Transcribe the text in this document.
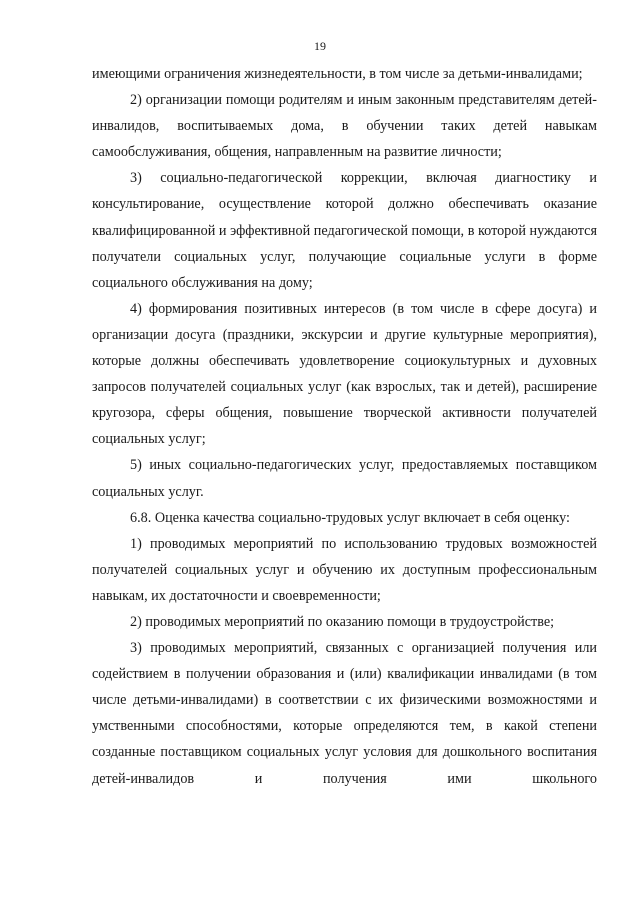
19

имеющими ограничения жизнедеятельности, в том числе за детьми-инвалидами;

2) организации помощи родителям и иным законным представителям детей-инвалидов, воспитываемых дома, в обучении таких детей навыкам самообслуживания, общения, направленным на развитие личности;

3) социально-педагогической коррекции, включая диагностику и консультирование, осуществление которой должно обеспечивать оказание квалифицированной и эффективной педагогической помощи, в которой нуждаются получатели социальных услуг, получающие социальные услуги в форме социального обслуживания на дому;

4) формирования позитивных интересов (в том числе в сфере досуга) и организации досуга (праздники, экскурсии и другие культурные мероприятия), которые должны обеспечивать удовлетворение социокультурных и духовных запросов получателей социальных услуг (как взрослых, так и детей), расширение кругозора, сферы общения, повышение творческой активности получателей социальных услуг;

5) иных социально-педагогических услуг, предоставляемых поставщиком социальных услуг.

6.8. Оценка качества социально-трудовых услуг включает в себя оценку:

1) проводимых мероприятий по использованию трудовых возможностей получателей социальных услуг и обучению их доступным профессиональным навыкам, их достаточности и своевременности;

2) проводимых мероприятий по оказанию помощи в трудоустройстве;

3) проводимых мероприятий, связанных с организацией получения или содействием в получении образования и (или) квалификации инвалидами (в том числе детьми-инвалидами) в соответствии с их физическими возможностями и умственными способностями, которые определяются тем, в какой степени созданные поставщиком социальных услуг условия для дошкольного воспитания детей-инвалидов и получения ими школьного
